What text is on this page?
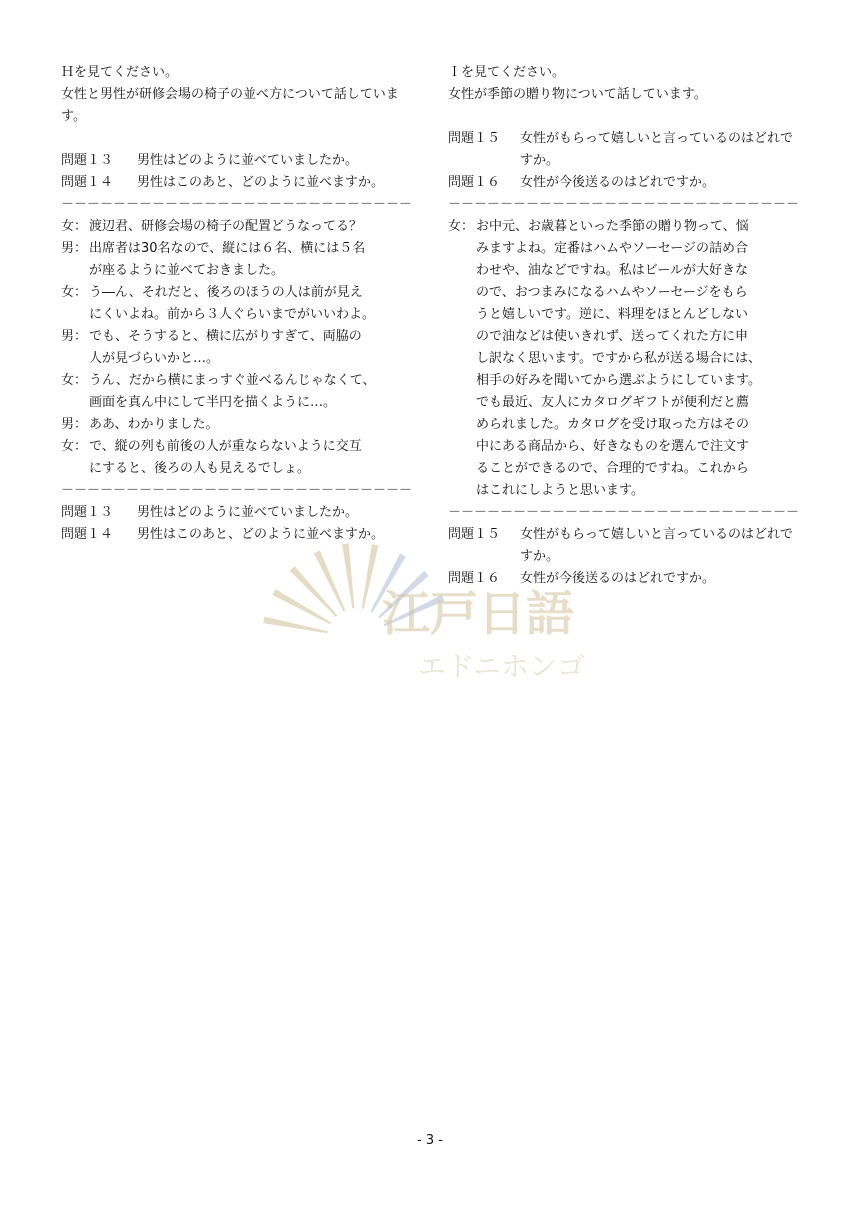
Ｈを見てください。
女性と男性が研修会場の椅子の並べ方について話しています。
問題１３	男性はどのように並べていましたか。
問題１４	男性はこのあと、どのように並べますか。
－－－－－－－－－－－－－－－－－－－－－－－－－－－
女： 渡辺君、研修会場の椅子の配置どうなってる？
男： 出席者は30名なので、縦には６名、横には５名
が座るように並べておきました。
女： う―ん、それだと、後ろのほうの人は前が見え
にくいよね。前から３人ぐらいまでがいいわよ。
男： でも、そうすると、横に広がりすぎて、両脇の
人が見づらいかと…。
女： うん、だから横にまっすぐ並べるんじゃなくて、
画面を真ん中にして半円を描くように…。
男： ああ、わかりました。
女： で、縦の列も前後の人が重ならないように交互
にすると、後ろの人も見えるでしょ。
－－－－－－－－－－－－－－－－－－－－－－－－－－－
問題１３	男性はどのように並べていましたか。
問題１４	男性はこのあと、どのように並べますか。
Ｉを見てください。
女性が季節の贈り物について話しています。
問題１５	女性がもらって嬉しいと言っているのはどれですか。
問題１６	女性が今後送るのはどれですか。
－－－－－－－－－－－－－－－－－－－－－－－－－－－
女： お中元、お歳暮といった季節の贈り物って、悩
みますよね。定番はハムやソーセージの詰め合
わせや、油などですね。私はビールが大好きな
ので、おつまみになるハムやソーセージをもら
うと嬉しいです。逆に、料理をほとんどしない
ので油などは使いきれず、送ってくれた方に申
し訳なく思います。ですから私が送る場合には、
相手の好みを聞いてから選ぶようにしています。
でも最近、友人にカタログギフトが便利だと薦
められました。カタログを受け取った方はその
中にある商品から、好きなものを選んで注文す
ることができるので、合理的ですね。これから
はこれにしようと思います。
－－－－－－－－－－－－－－－－－－－－－－－－－－－
問題１５	女性がもらって嬉しいと言っているのはどれですか。
問題１６	女性が今後送るのはどれですか。
江戸日語
エドニホンゴ
- 3 -
